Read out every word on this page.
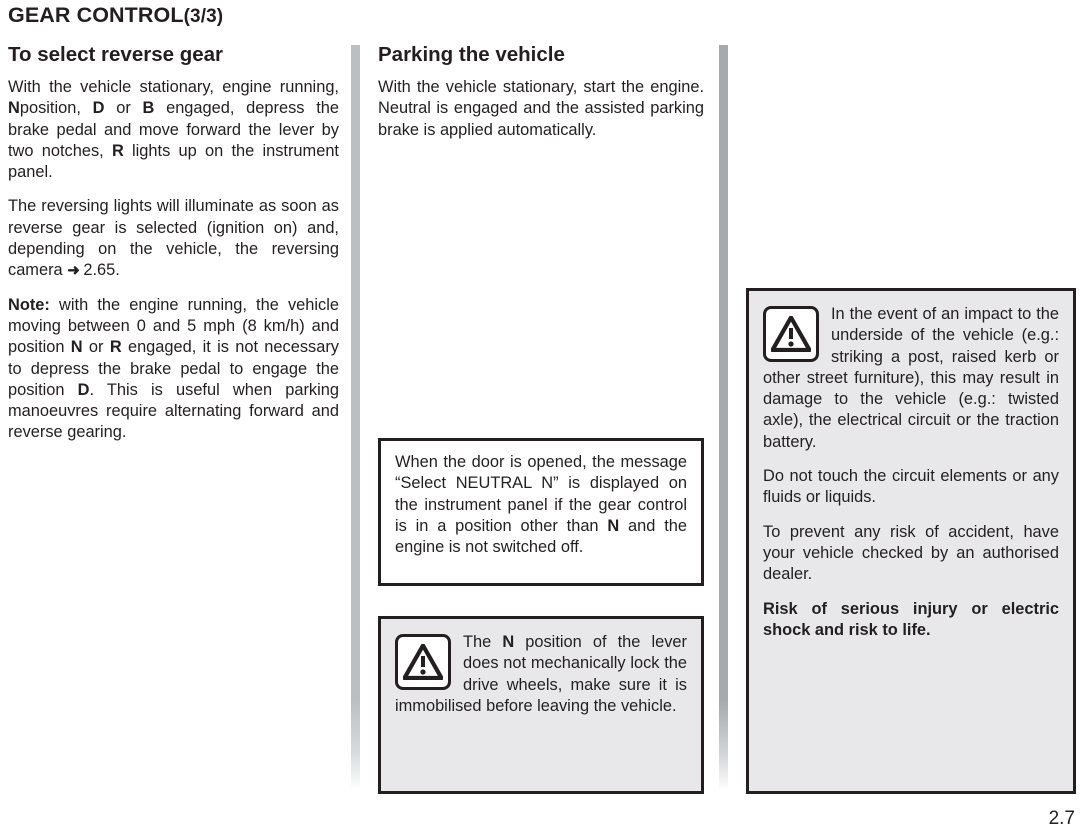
GEAR CONTROL(3/3)
To select reverse gear

With the vehicle stationary, engine running, Nposition, D or B engaged, depress the brake pedal and move forward the lever by two notches, R lights up on the instrument panel.

The reversing lights will illuminate as soon as reverse gear is selected (ignition on) and, depending on the vehicle, the reversing camera ➜ 2.65.

Note: with the engine running, the vehicle moving between 0 and 5 mph (8 km/h) and position N or R engaged, it is not necessary to depress the brake pedal to engage the position D. This is useful when parking manoeuvres require alternating forward and reverse gearing.

Parking the vehicle

With the vehicle stationary, start the engine. Neutral is engaged and the assisted parking brake is applied automatically.

When the door is opened, the message “Select NEUTRAL N” is displayed on the instrument panel if the gear control is in a position other than N and the engine is not switched off.

The N position of the lever does not mechanically lock the drive wheels, make sure it is immobilised before leaving the vehicle.

In the event of an impact to the underside of the vehicle (e.g.: striking a post, raised kerb or other street furniture), this may result in damage to the vehicle (e.g.: twisted axle), the electrical circuit or the traction battery.

Do not touch the circuit elements or any fluids or liquids.

To prevent any risk of accident, have your vehicle checked by an authorised dealer.

Risk of serious injury or electric shock and risk to life.

2.7
